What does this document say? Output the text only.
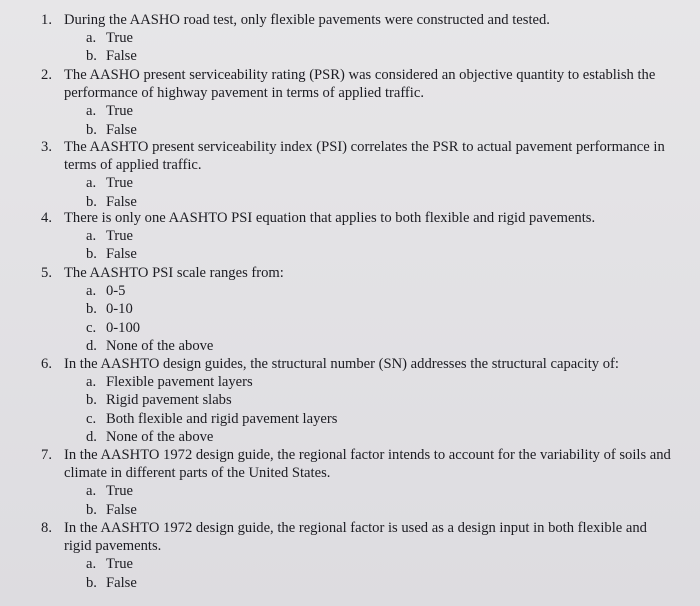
1. During the AASHO road test, only flexible pavements were constructed and tested.
a. True
b. False
2. The AASHO present serviceability rating (PSR) was considered an objective quantity to establish the performance of highway pavement in terms of applied traffic.
a. True
b. False
3. The AASHTO present serviceability index (PSI) correlates the PSR to actual pavement performance in terms of applied traffic.
a. True
b. False
4. There is only one AASHTO PSI equation that applies to both flexible and rigid pavements.
a. True
b. False
5. The AASHTO PSI scale ranges from:
a. 0-5
b. 0-10
c. 0-100
d. None of the above
6. In the AASHTO design guides, the structural number (SN) addresses the structural capacity of:
a. Flexible pavement layers
b. Rigid pavement slabs
c. Both flexible and rigid pavement layers
d. None of the above
7. In the AASHTO 1972 design guide, the regional factor intends to account for the variability of soils and climate in different parts of the United States.
a. True
b. False
8. In the AASHTO 1972 design guide, the regional factor is used as a design input in both flexible and rigid pavements.
a. True
b. False
